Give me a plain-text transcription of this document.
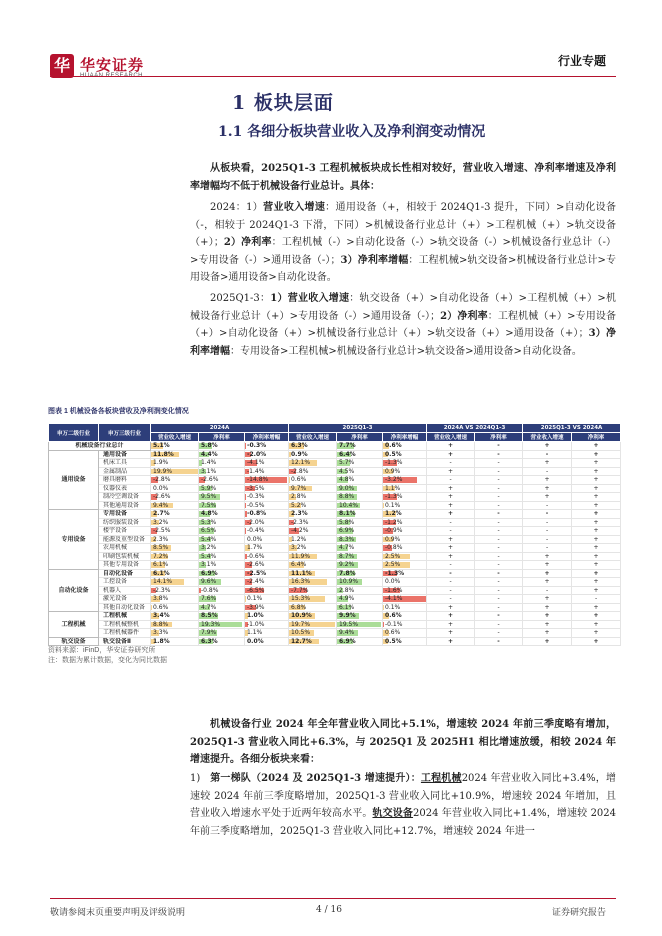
华 华安证券	行业专题
1 板块层面
1.1 各细分板块营业收入及净利润变动情况
从板块看，2025Q1-3 工程机械板块成长性相对较好，营业收入增速、净利率增速及净利率增幅均不低于机械设备行业总计。具体：
2024：1）营业收入增速：通用设备（+，相较于 2024Q1-3 提升，下同）>自动化设备（-，相较于 2024Q1-3 下滑，下同）>机械设备行业总计（+）>工程机械（+）>轨交设备（+）；2）净利率：工程机械（-）>自动化设备（-）>轨交设备（-）>机械设备行业总计（-）>专用设备（-）>通用设备（-）；3）净利率增幅：工程机械>轨交设备>机械设备行业总计>专用设备>通用设备>自动化设备。
2025Q1-3：1）营业收入增速：轨交设备（+）>自动化设备（+）>工程机械（+）>机械设备行业总计（+）>专用设备（-）>通用设备（-）；2）净利率：工程机械（+）>专用设备（+）>自动化设备（+）>机械设备行业总计（+）>轨交设备（+）>通用设备（+）；3）净利率增幅：专用设备>工程机械>机械设备行业总计>轨交设备>通用设备>自动化设备。
图表 1 机械设备各板块营收及净利润变化情况
申万二级行业	申万三级行业	2024A			2025Q1-3			2024A VS 2024Q1-3		2025Q1-3 VS 2024A	
		营业收入增速	净利率	净利率增幅	营业收入增速	净利率	净利率增幅	营业收入增速	净利率	营业收入增速	净利率
机械设备行业总计		5.1%	5.8%	-0.3%	6.3%	7.7%	0.6%	+	-	+	+
通用设备	通用设备	11.8%	4.4%	-2.0%	0.9%	6.4%	0.5%	+	-	-	+
	机床工具	1.9%	1.4%	-4.1%	12.1%	5.7%	-1.3%	-	-	+	+
	金属制品	19.9%	3.1%	-1.4%	-2.8%	4.5%	0.9%	+	-	-	+
	磨具磨料	-2.8%	-2.6%	-14.8%	0.6%	4.8%	-3.2%	-	-	+	+
	仪器仪表	0.0%	5.9%	-3.5%	9.7%	9.0%	1.1%	+	-	+	+
	制冷空调设备	-2.6%	9.5%	-0.3%	2.8%	8.8%	-1.3%	+	-	+	+
	其他通用设备	9.4%	7.5%	-0.5%	5.2%	10.4%	0.1%	+	-	-	+
专用设备	专用设备	2.7%	4.8%	-0.8%	2.3%	8.1%	1.2%	+	-	-	+
	纺织服装设备	3.2%	5.3%	-2.0%	-2.3%	5.8%	-1.2%	-	-	-	+
	楼宇设备	-2.5%	6.5%	-0.4%	-4.2%	6.9%	-0.9%	-	-	-	+
	能源及重型设备	2.3%	5.4%	0.0%	1.2%	8.3%	0.9%	+	-	-	+
	农用机械	8.5%	3.2%	1.7%	3.2%	4.7%	-0.8%	+	-	-	+
	印刷包装机械	7.2%	5.4%	-0.6%	11.9%	8.7%	2.5%	+	-	+	+
	其他专用设备	6.1%	3.1%	-2.6%	6.4%	9.2%	2.5%	-	-	+	+
自动化设备	自动化设备	6.1%	6.9%	-2.5%	11.1%	7.8%	-1.3%	-	-	+	+
	工控设备	14.1%	9.6%	-2.4%	16.3%	10.9%	0.0%	-	-	+	+
	机器人	-2.3%	-0.8%	-6.5%	-7.7%	2.8%	-1.6%	-	-	-	+
	激光设备	3.8%	7.6%	0.1%	15.3%	4.9%	-4.1%	-	-	+	-
	其他自动化设备	0.6%	4.7%	-3.9%	6.8%	6.1%	0.1%	+	-	+	+
工程机械	工程机械	3.4%	8.5%	1.0%	10.9%	9.9%	0.6%	+	-	+	+
	工程机械整机	8.8%	19.3%	-1.0%	19.7%	19.5%	-0.1%	+	-	+	+
	工程机械器件	3.3%	7.9%	1.1%	10.5%	9.4%	0.6%	+	-	+	+
轨交设备	轨交设备Ⅱ	1.8%	6.3%	0.0%	12.7%	6.9%	0.5%	+	-	+	+
资料来源：iFinD，华安证券研究所
注：数据为累计数据，变化为同比数据
机械设备行业 2024 年全年营业收入同比+5.1%，增速较 2024 年前三季度略有增加，2025Q1-3 营业收入同比+6.3%，与 2025Q1 及 2025H1 相比增速放缓，相较 2024 年增速提升。各细分板块来看：
1) 第一梯队（2024 及 2025Q1-3 增速提升）：工程机械2024 年营业收入同比+3.4%，增速较 2024 年前三季度略增加，2025Q1-3 营业收入同比+10.9%，增速较 2024 年增加，且营业收入增速水平处于近两年较高水平。轨交设备2024 年营业收入同比+1.4%，增速较 2024 年前三季度略增加，2025Q1-3 营业收入同比+12.7%，增速较 2024 年进一
敬请参阅末页重要声明及评级说明	4 / 16	证券研究报告
